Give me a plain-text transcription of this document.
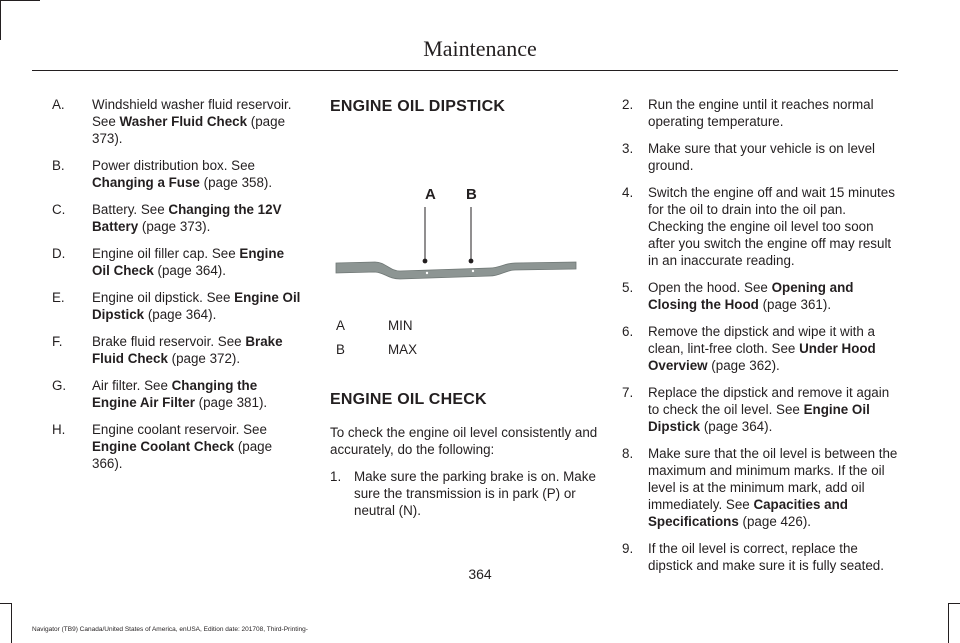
Maintenance
A. Windshield washer fluid reservoir. See Washer Fluid Check (page 373).
B. Power distribution box. See Changing a Fuse (page 358).
C. Battery. See Changing the 12V Battery (page 373).
D. Engine oil filler cap. See Engine Oil Check (page 364).
E. Engine oil dipstick. See Engine Oil Dipstick (page 364).
F.	Brake fluid reservoir. See Brake Fluid Check (page 372).
G. Air filter. See Changing the Engine Air Filter (page 381).
H. Engine coolant reservoir. See Engine Coolant Check (page 366).
ENGINE OIL DIPSTICK
A B
A	MIN
B	MAX
ENGINE OIL CHECK

To check the engine oil level consistently and accurately, do the following:

1. Make sure the parking brake is on. Make sure the transmission is in park (P) or neutral (N).
2.	Run the engine until it reaches normal operating temperature.
3.	Make sure that your vehicle is on level ground.
4.	Switch the engine off and wait 15 minutes for the oil to drain into the oil pan. Checking the engine oil level too soon after you switch the engine off may result in an inaccurate reading.
5.	Open the hood. See Opening and Closing the Hood (page 361).
6.	Remove the dipstick and wipe it with a clean, lint-free cloth. See Under Hood Overview (page 362).
7.	Replace the dipstick and remove it again to check the oil level. See Engine Oil Dipstick (page 364).
8.	Make sure that the oil level is between the maximum and minimum marks. If the oil level is at the minimum mark, add oil immediately. See Capacities and Specifications (page 426).
9.	If the oil level is correct, replace the dipstick and make sure it is fully seated.
364
Navigator (TB9) Canada/United States of America, enUSA, Edition date: 201708, Third-Printing-
